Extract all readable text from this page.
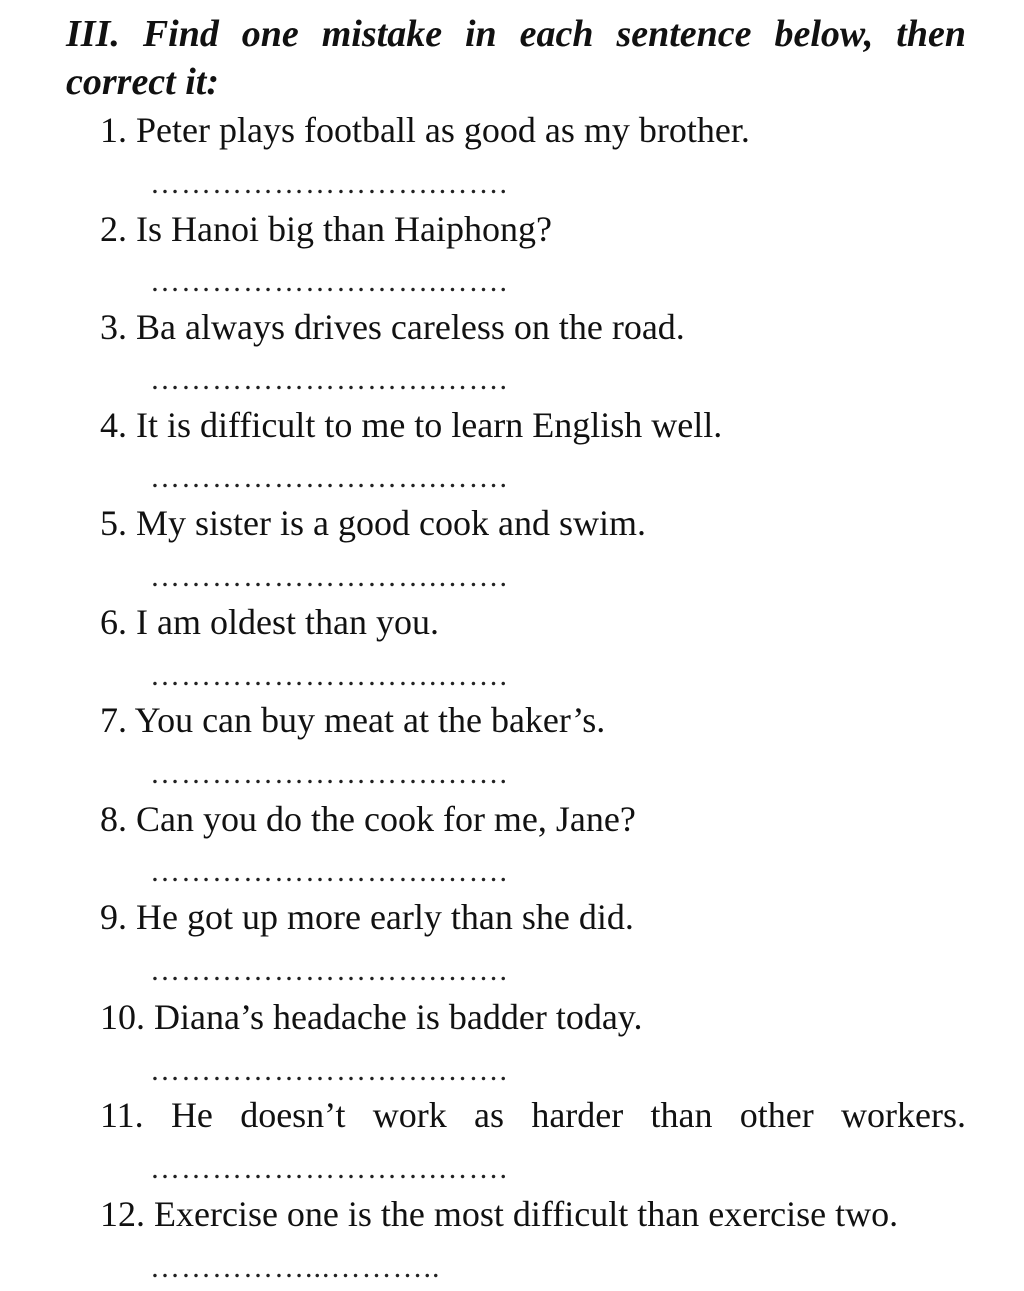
III. Find one mistake in each sentence below, then
correct it:

1. Peter plays football as good as my brother.

……………………….…….

2. Is Hanoi big than Haiphong?

……………………….…….

3. Ba always drives careless on the road.

……………………….…….

4. It is difficult to me to learn English well.

……………………….…….

5. My sister is a good cook and swim.

……………………….…….

6. I am oldest than you.

……………………….…….

7. You can buy meat at the baker’s.

……………………….…….

8. Can you do the cook for me, Jane?

……………………….…….

9. He got up more early than she did.

……………………….…….

10. Diana’s headache is badder today.

……………………….…….

11. He doesn’t work as harder than other workers.

……………………….…….

12. Exercise one is the most difficult than exercise two.

……………...………..
